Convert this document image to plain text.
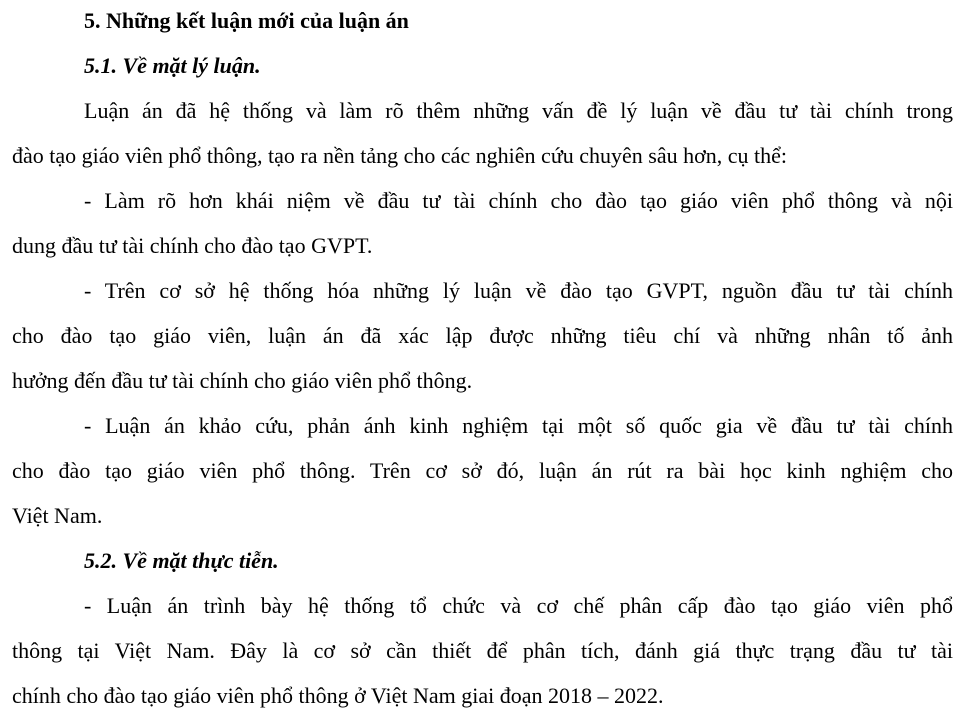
5. Những kết luận mới của luận án
5.1. Về mặt lý luận.
Luận án đã hệ thống và làm rõ thêm những vấn đề lý luận về đầu tư tài chính trong
đào tạo giáo viên phổ thông, tạo ra nền tảng cho các nghiên cứu chuyên sâu hơn, cụ thể:
- Làm rõ hơn khái niệm về đầu tư tài chính cho đào tạo giáo viên phổ thông và nội
dung đầu tư tài chính cho đào tạo GVPT.
- Trên cơ sở hệ thống hóa những lý luận về đào tạo GVPT, nguồn đầu tư tài chính
cho đào tạo giáo viên, luận án đã xác lập được những tiêu chí và những nhân tố ảnh
hưởng đến đầu tư tài chính cho giáo viên phổ thông.
- Luận án khảo cứu, phản ánh kinh nghiệm tại một số quốc gia về đầu tư tài chính
cho đào tạo giáo viên phổ thông. Trên cơ sở đó, luận án rút ra bài học kinh nghiệm cho
Việt Nam.
5.2. Về mặt thực tiễn.
- Luận án trình bày hệ thống tổ chức và cơ chế phân cấp đào tạo giáo viên phổ
thông tại Việt Nam. Đây là cơ sở cần thiết để phân tích, đánh giá thực trạng đầu tư tài
chính cho đào tạo giáo viên phổ thông ở Việt Nam giai đoạn 2018 – 2022.
